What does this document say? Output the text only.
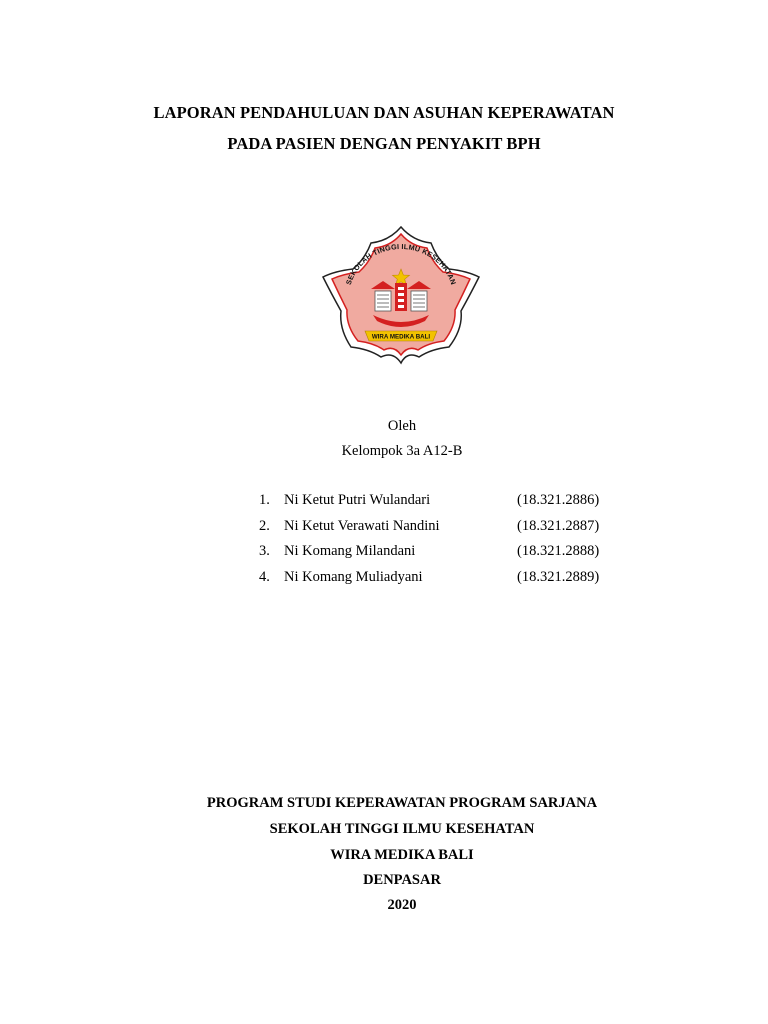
LAPORAN PENDAHULUAN DAN ASUHAN KEPERAWATAN
PADA PASIEN DENGAN PENYAKIT BPH
SEKOLAH TINGGI ILMU KESEHATAN
WIRA MEDIKA BALI
Oleh
Kelompok 3a A12-B
1. Ni Ketut Putri Wulandari	(18.321.2886)
2. Ni Ketut Verawati Nandini	(18.321.2887)
3. Ni Komang Milandani	(18.321.2888)
4. Ni Komang Muliadyani	(18.321.2889)
PROGRAM STUDI KEPERAWATAN PROGRAM SARJANA
SEKOLAH TINGGI ILMU KESEHATAN
WIRA MEDIKA BALI
DENPASAR
2020
